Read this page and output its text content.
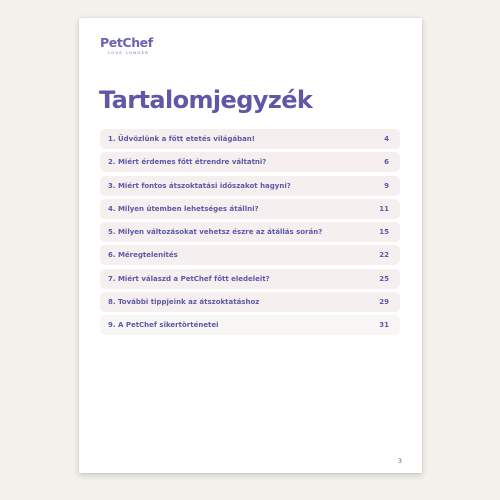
PetChef
LOVE LONGER
Tartalomjegyzék
1. Üdvözlünk a főtt etetés világában!	4
2. Miért érdemes főtt étrendre váltatni?	6
3. Miért fontos átszoktatási időszakot hagyni?	9
4. Milyen ütemben lehetséges átállni?	11
5. Milyen változásokat vehetsz észre az átállás során?	15
6. Méregtelenítés	22
7. Miért válaszd a PetChef főtt eledeleit?	25
8. További tippjeink az átszoktatáshoz	29
9. A PetChef sikertörténetei	31
3
